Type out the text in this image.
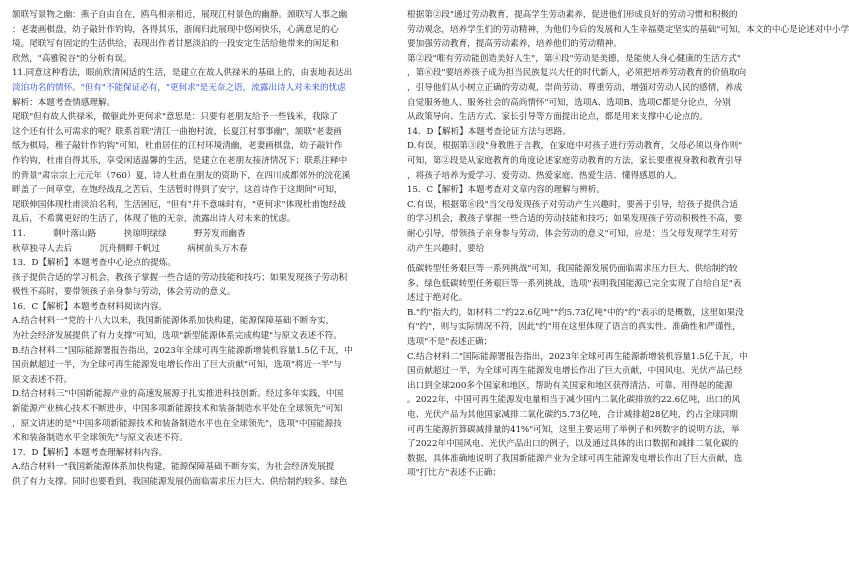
颔联写景物之幽：燕子自由自在，鸥鸟相亲相近，展现江村景色的幽静。颈联写人事之幽
：老妻画棋盘，幼子敲针作钓钩，各得其乐，浙闹归此展现中悠闲快乐，心满意足的心
境。尾联写有固定的生活供给，表现出作者甘愿淡泊的一段安定生活给他带来的闲足和
欣然，"高雅锐谷"的分析有误。
11.同意这种看法，眼前欣清闲适的生活，是建立在故人供禄米的基础上的，由衷地表达出
淡泊功名的情怀。"但有"不能保证必有，"更何求"是无奈之语，流露出诗人对未来的忧虑
解析：本题考查情感理解。
尾联"但有故人供禄米，微躯此外更何求"意思是：只要有老朋友给予一些钱米，我除了
这个还有什么可需求的呢？联系首联"清江一曲抱村流，长夏江村事事幽"，颔联"老妻画
纸为棋局，稚子敲针作钓钩"可知，杜甫居住的江村环境清幽，老妻画棋盘，幼子敲针作
作钓钩，杜甫自得其乐，享受闲适温馨的生活，是建立在老朋友接济情况下；联系注释中
的背景"肃宗宗上元元年（760）夏，诗人杜甫在朋友的资助下，在四川成都郊外的浣花溪
畔盖了一间草堂，在饱经战乱之苦后，生活暂时得到了安宁，这首诗作于这期间"可知，
尾联伸国体现杜甫淡泊名利，生活困厄，"但有"并不意味时有，"更何求"体现杜甫饱经战
乱后，不希冀更好的生活了，体现了他的无奈，流露出诗人对未来的忧虑。
11.	剩叶落山路	挟琼明绿绿	野芳发而幽香
秋草独寻人去后	沉舟侧畔千帆过	病树前头万木春
13．D【解析】本题考查中心论点的提炼。
孩子提供合适的学习机会，教孩子掌握一些合适的劳动技能和技巧；如果发现孩子劳动积
极性不高时，要带领孩子亲身参与劳动，体会劳动的意义。
16．C【解析】本题考查材料阅读内容。
A.结合材料一"党的十八大以来，我国新能源体系加快构建，能源保障基础不断夯实，
为社会经济发展提供了有力支撑"可知，选项"新型能源体系完成构建"与原文表述不符。
B.结合材料二"国际能源署报告指出，2023年全球可再生能源新增装机容量1.5亿千瓦，中
国贡献超过一半，为全球可再生能源发电增长作出了巨大贡献"可知，选项"将近一半"与
原文表述不符。
D.结合材料三"中国新能源产业的高速发展源于扎实推进科技创新。经过多年实践，中国
新能源产业核心技术不断进步，中国多项新能源技术和装备制造水平处在全球领先"可知
，原文讲述的是"中国多项新能源技术和装备制造水平也在全球领先"，选项"中国能源技
术和装备制造水平全球领先"与原文表述不符。
17．D【解析】本题考查理解材料内容。
A.结合材料一"我国新能源体系加快构建，能源保障基础不断夯实，为社会经济发展提
供了有力支撑。同时也要看到，我国能源发展仍面临需求压力巨大、供给制约较多、绿色
根据第②段"通过劳动教育，提高学生劳动素养，促进他们形成良好的劳动习惯和积极的
劳动观念，培养学生们的劳动精神，为他们今后的发展和人生幸福奠定坚实的基础"可知，本文的中心是论述对中小学
要加强劳动教育，提高劳动素养，培养他们的劳动精神。
第②段"唯有劳动能创造美好人生"，第④段"劳动是美德，是能使人身心健康的生活方式"
，第⑥段"要培养孩子成为担当民族复兴大任的时代新人，必须把培养劳动教育的价值取向
，引导他们从小树立正确的劳动观，崇尚劳动、尊重劳动，增强对劳动人民的感情，养成
自觉服务他人、服务社会的高尚情怀"可知，选项A、选项B、选项C都是分论点，分别
从政策导向、生活方式、家长引导等方面提出论点，都是用来支撑中心论点的。
14．D【解析】本题考查论证方法与思路。
D.有误，根据第③段"身教胜于言教，在家庭中对孩子进行劳动教育，父母必须以身作则"
可知，第②段是从家庭教育的角度论述家庭劳动教育的方法，家长要重视身教和教育引导
，将孩子培养为爱学习、爱劳动、热爱家庭、热爱生活、懂得感恩的人。
15．C【解析】本题考查对文章内容的理解与辨析。
C.有误，根据第⑥段"当父母发现孩子对劳动产生兴趣时，要善于引导，给孩子提供合适
的学习机会，教孩子掌握一些合适的劳动技能和技巧；如果发现孩子劳动积极性不高，要
耐心引导，带领孩子亲身参与劳动，体会劳动的意义"可知，应是：当父母发现学生对劳
动产生兴趣时，要给
低碳转型任务艰巨等一系列挑战"可知，我国能源发展仍面临需求压力巨大、供给制约较
多、绿色低碳转型任务艰巨等一系列挑战，选项"表明我国能源已完全实现了自给自足"表
述过于绝对化。
B."约"指大约，如材料二"约22.6亿吨""约5.73亿吨"中的"约"表示的是概数，这里如果没
有"约"，则与实际情况不符，因此"约"用在这里体现了语言的真实性、准确性和严谨性，
选项"不是"表述正确；
C.结合材料二"国际能源署报告指出，2023年全球可再生能源新增装机容量1.5亿千瓦，中
国贡献超过一半，为全球可再生能源发电增长作出了巨大贡献，中国风电、光伏产品已经
出口到全球200多个国家和地区，帮助有关国家和地区获得清洁、可靠、用得起的能源
。2022年，中国可再生能源发电量相当于减少国内二氧化碳排放约22.6亿吨，出口的风
电、光伏产品为其他国家减排二氧化碳约5.73亿吨，合计减排超28亿吨，约占全球同期
可再生能源折算碳减排量的41%"可知，这里主要运用了举例子和列数字的说明方法，举
了2022年中国风电、光伏产品出口的例子，以及通过具体的出口数据和减排二氧化碳的
数据，具体准确地说明了我国新能源产业为全球可再生能源发电增长作出了巨大贡献，选
项"打比方"表述不正确；
